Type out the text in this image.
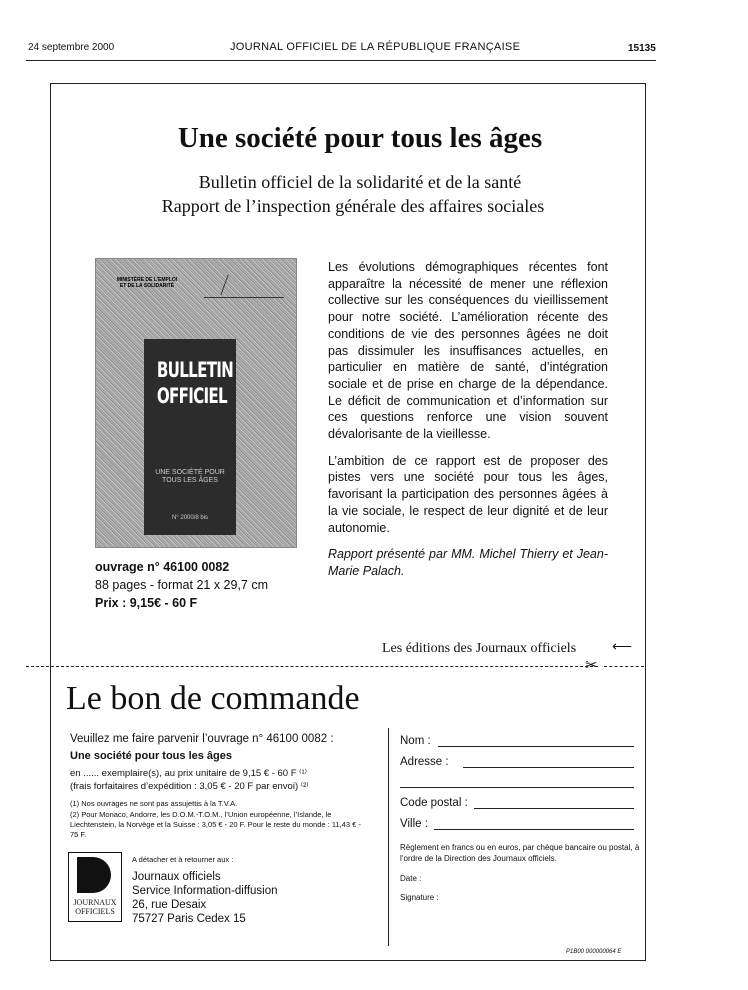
24 septembre 2000	JOURNAL OFFICIEL DE LA RÉPUBLIQUE FRANÇAISE	15135
Une société pour tous les âges
Bulletin officiel de la solidarité et de la santé
Rapport de l’inspection générale des affaires sociales
MINISTÈRE DE L'EMPLOI ET DE LA SOLIDARITÉ
BULLETIN
OFFICIEL
UNE SOCIÉTÉ POUR TOUS LES ÂGES
N° 2000/8 bis
ouvrage n° 46100 0082
88 pages - format 21 x 29,7 cm
Prix : 9,15€ - 60 F

Les évolutions démographiques récentes font apparaître la nécessité de mener une réflexion collective sur les conséquences du vieillissement pour notre société. L’amélioration récente des conditions de vie des personnes âgées ne doit pas dissimuler les insuffisances actuelles, en particulier en matière de santé, d’intégration sociale et de prise en charge de la dépendance. Le déficit de communication et d’information sur ces questions renforce une vision souvent dévalorisante de la vieillesse.

L’ambition de ce rapport est de proposer des pistes vers une société pour tous les âges, favorisant la participation des personnes âgées à la vie sociale, le respect de leur dignité et de leur autonomie.

Rapport présenté par MM. Michel Thierry et Jean-Marie Palach.

Les éditions des Journaux officiels	⟵
✂
Le bon de commande
Veuillez me faire parvenir l’ouvrage n° 46100 0082 :
Une société pour tous les âges
en ...... exemplaire(s), au prix unitaire de 9,15 € - 60 F ⁽¹⁾
(frais forfaitaires d’expédition : 3,05 € - 20 F par envoi) ⁽²⁾
(1) Nos ouvrages ne sont pas assujettis à la T.V.A.
(2) Pour Monaco, Andorre, les D.O.M.-T.O.M., l’Union européenne, l’Islande, le Liechtenstein, la Norvège et la Suisse : 3,05 € - 20 F. Pour le reste du monde : 11,43 € - 75 F.
JOURNAUX OFFICIELS
A détacher et à retourner aux :
Journaux officiels
Service Information-diffusion
26, rue Desaix
75727 Paris Cedex 15
Nom :
Adresse :
Code postal :
Ville :
Règlement en francs ou en euros, par chèque bancaire ou postal, à l’ordre de la Direction des Journaux officiels.
Date :
Signature :
P1B00 000000064 E
